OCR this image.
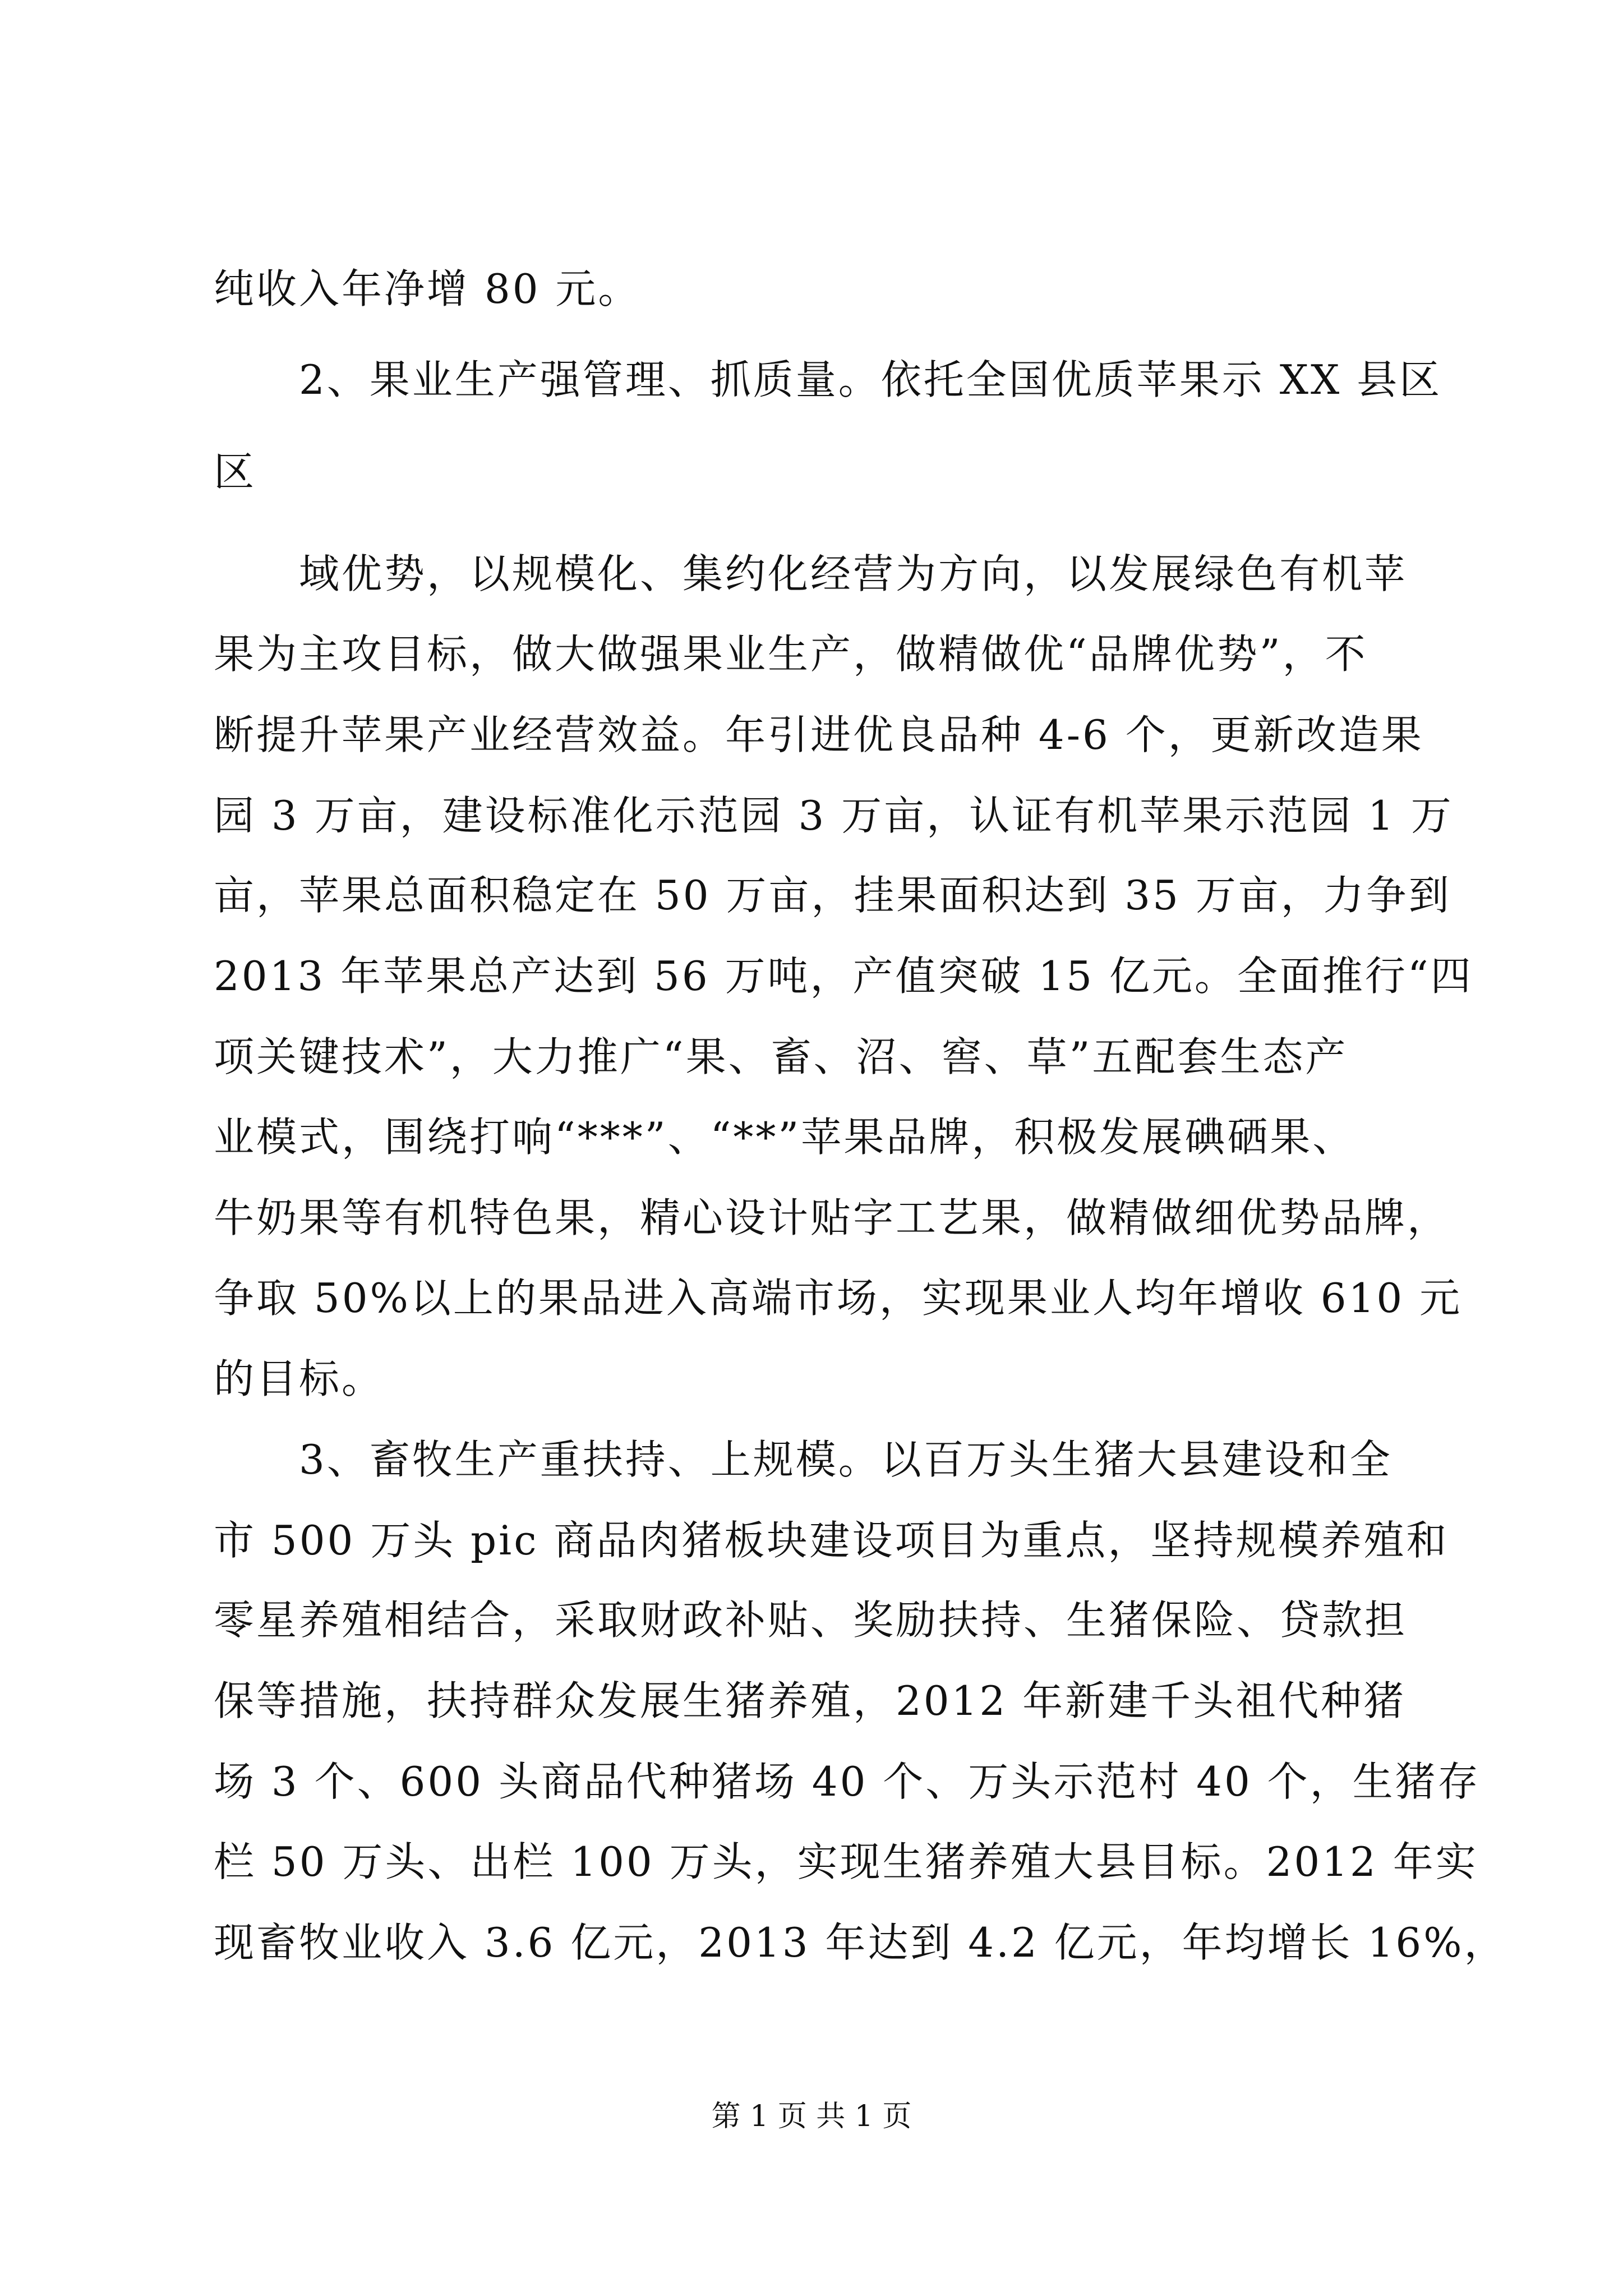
纯收入年净增 80 元。
2、果业生产强管理、抓质量。依托全国优质苹果示 XX 县区
区
域优势，以规模化、集约化经营为方向，以发展绿色有机苹
果为主攻目标，做大做强果业生产，做精做优“品牌优势”，不
断提升苹果产业经营效益。年引进优良品种 4-6 个，更新改造果
园 3 万亩，建设标准化示范园 3 万亩，认证有机苹果示范园 1 万
亩，苹果总面积稳定在 50 万亩，挂果面积达到 35 万亩，力争到
2013 年苹果总产达到 56 万吨，产值突破 15 亿元。全面推行“四
项关键技术”，大力推广“果、畜、沼、窖、草”五配套生态产
业模式，围绕打响“***”、“**”苹果品牌，积极发展碘硒果、
牛奶果等有机特色果，精心设计贴字工艺果，做精做细优势品牌，
争取 50%以上的果品进入高端市场，实现果业人均年增收 610 元
的目标。
3、畜牧生产重扶持、上规模。以百万头生猪大县建设和全
市 500 万头 pic 商品肉猪板块建设项目为重点，坚持规模养殖和
零星养殖相结合，采取财政补贴、奖励扶持、生猪保险、贷款担
保等措施，扶持群众发展生猪养殖，2012 年新建千头祖代种猪
场 3 个、600 头商品代种猪场 40 个、万头示范村 40 个，生猪存
栏 50 万头、出栏 100 万头，实现生猪养殖大县目标。2012 年实
现畜牧业收入 3.6 亿元，2013 年达到 4.2 亿元，年均增长 16%，
第 1 页 共 1 页
